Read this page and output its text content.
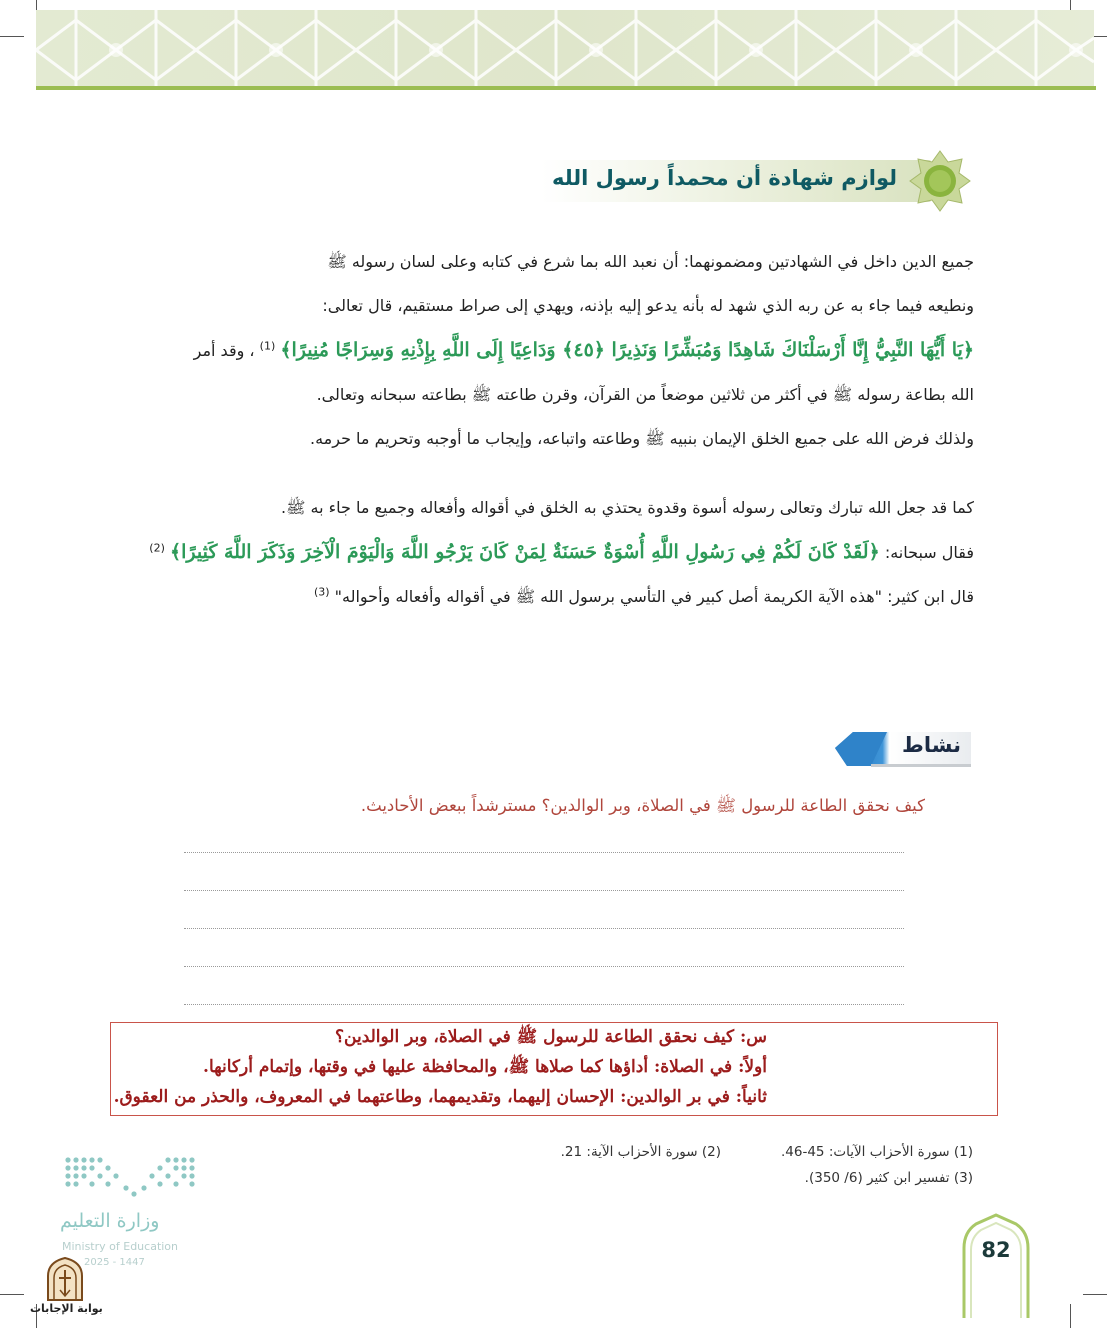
لوازم شهادة أن محمداً رسول الله
جميع الدين داخل في الشهادتين ومضمونهما: أن نعبد الله بما شرع في كتابه وعلى لسان رسوله ﷺ
ونطيعه فيما جاء به عن ربه الذي شهد له بأنه يدعو إليه بإذنه، ويهدي إلى صراط مستقيم، قال تعالى:
﴿يَا أَيُّهَا النَّبِيُّ إِنَّا أَرْسَلْنَاكَ شَاهِدًا وَمُبَشِّرًا وَنَذِيرًا ﴿٤٥﴾ وَدَاعِيًا إِلَى اللَّهِ بِإِذْنِهِ وَسِرَاجًا مُنِيرًا﴾ $^{(1)}$ ، وقد أمر
الله بطاعة رسوله ﷺ في أكثر من ثلاثين موضعاً من القرآن، وقرن طاعته ﷺ بطاعته سبحانه وتعالى.
ولذلك فرض الله على جميع الخلق الإيمان بنبيه ﷺ وطاعته واتباعه، وإيجاب ما أوجبه وتحريم ما حرمه.
كما قد جعل الله تبارك وتعالى رسوله أسوة وقدوة يحتذي به الخلق في أقواله وأفعاله وجميع ما جاء به ﷺ.
فقال سبحانه: ﴿لَقَدْ كَانَ لَكُمْ فِي رَسُولِ اللَّهِ أُسْوَةٌ حَسَنَةٌ لِمَنْ كَانَ يَرْجُو اللَّهَ وَالْيَوْمَ الْآخِرَ وَذَكَرَ اللَّهَ كَثِيرًا﴾ $^{(2)}$
قال ابن كثير: "هذه الآية الكريمة أصل كبير في التأسي برسول الله ﷺ في أقواله وأفعاله وأحواله" $^{(3)}$
نشاط
كيف نحقق الطاعة للرسول ﷺ في الصلاة، وبر الوالدين؟ مسترشداً ببعض الأحاديث.
س: كيف نحقق الطاعة للرسول ﷺ في الصلاة، وبر الوالدين؟
أولاً: في الصلاة: أداؤها كما صلاها ﷺ، والمحافظة عليها في وقتها، وإتمام أركانها.
ثانياً: في بر الوالدين: الإحسان إليهما، وتقديمهما، وطاعتهما في المعروف، والحذر من العقوق.
(1) سورة الأحزاب الآيات: 45-46.
(2) سورة الأحزاب الآية: 21.
(3) تفسير ابن كثير (6/ 350).
82
وزارة التعليم
Ministry of Education
2025 - 1447
بوابة الإجابات
